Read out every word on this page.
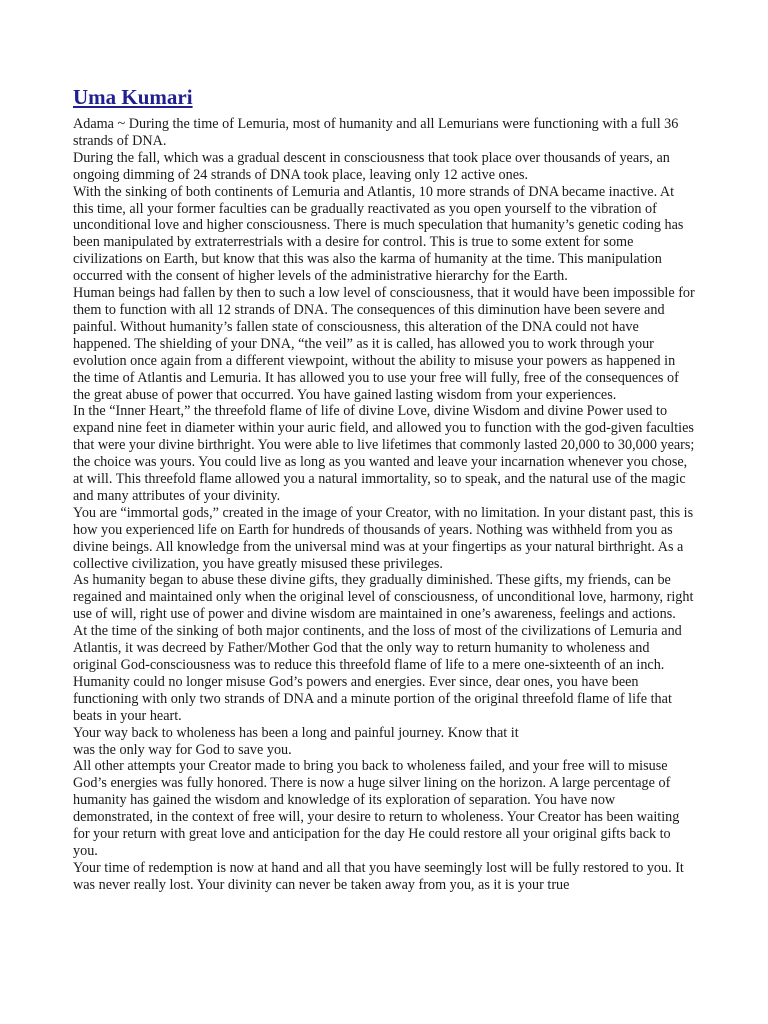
Uma Kumari

Adama ~ During the time of Lemuria, most of humanity and all Lemurians were functioning with a full 36 strands of DNA.

During the fall, which was a gradual descent in consciousness that took place over thousands of years, an ongoing dimming of 24 strands of DNA took place, leaving only 12 active ones.

With the sinking of both continents of Lemuria and Atlantis, 10 more strands of DNA became inactive. At this time, all your former faculties can be gradually reactivated as you open yourself to the vibration of unconditional love and higher consciousness. There is much speculation that humanity’s genetic coding has been manipulated by extraterrestrials with a desire for control. This is true to some extent for some civilizations on Earth, but know that this was also the karma of humanity at the time. This manipulation occurred with the consent of higher levels of the administrative hierarchy for the Earth.

Human beings had fallen by then to such a low level of consciousness, that it would have been impossible for them to function with all 12 strands of DNA. The consequences of this diminution have been severe and painful. Without humanity’s fallen state of consciousness, this alteration of the DNA could not have happened. The shielding of your DNA, “the veil” as it is called, has allowed you to work through your evolution once again from a different viewpoint, without the ability to misuse your powers as happened in the time of Atlantis and Lemuria. It has allowed you to use your free will fully, free of the consequences of the great abuse of power that occurred. You have gained lasting wisdom from your experiences.

In the “Inner Heart,” the threefold flame of life of divine Love, divine Wisdom and divine Power used to expand nine feet in diameter within your auric field, and allowed you to function with the god-given faculties that were your divine birthright. You were able to live lifetimes that commonly lasted 20,000 to 30,000 years; the choice was yours. You could live as long as you wanted and leave your incarnation whenever you chose, at will. This threefold flame allowed you a natural immortality, so to speak, and the natural use of the magic and many attributes of your divinity.

You are “immortal gods,” created in the image of your Creator, with no limitation. In your distant past, this is how you experienced life on Earth for hundreds of thousands of years. Nothing was withheld from you as divine beings. All knowledge from the universal mind was at your fingertips as your natural birthright. As a collective civilization, you have greatly misused these privileges.

As humanity began to abuse these divine gifts, they gradually diminished. These gifts, my friends, can be regained and maintained only when the original level of consciousness, of unconditional love, harmony, right use of will, right use of power and divine wisdom are maintained in one’s awareness, feelings and actions.

At the time of the sinking of both major continents, and the loss of most of the civilizations of Lemuria and Atlantis, it was decreed by Father/Mother God that the only way to return humanity to wholeness and original God-consciousness was to reduce this threefold flame of life to a mere one-sixteenth of an inch. Humanity could no longer misuse God’s powers and energies. Ever since, dear ones, you have been functioning with only two strands of DNA and a minute portion of the original threefold flame of life that beats in your heart.

Your way back to wholeness has been a long and painful journey. Know that it

was the only way for God to save you.

All other attempts your Creator made to bring you back to wholeness failed, and your free will to misuse God’s energies was fully honored. There is now a huge silver lining on the horizon. A large percentage of humanity has gained the wisdom and knowledge of its exploration of separation. You have now demonstrated, in the context of free will, your desire to return to wholeness. Your Creator has been waiting for your return with great love and anticipation for the day He could restore all your original gifts back to you.

Your time of redemption is now at hand and all that you have seemingly lost will be fully restored to you. It was never really lost. Your divinity can never be taken away from you, as it is your true
